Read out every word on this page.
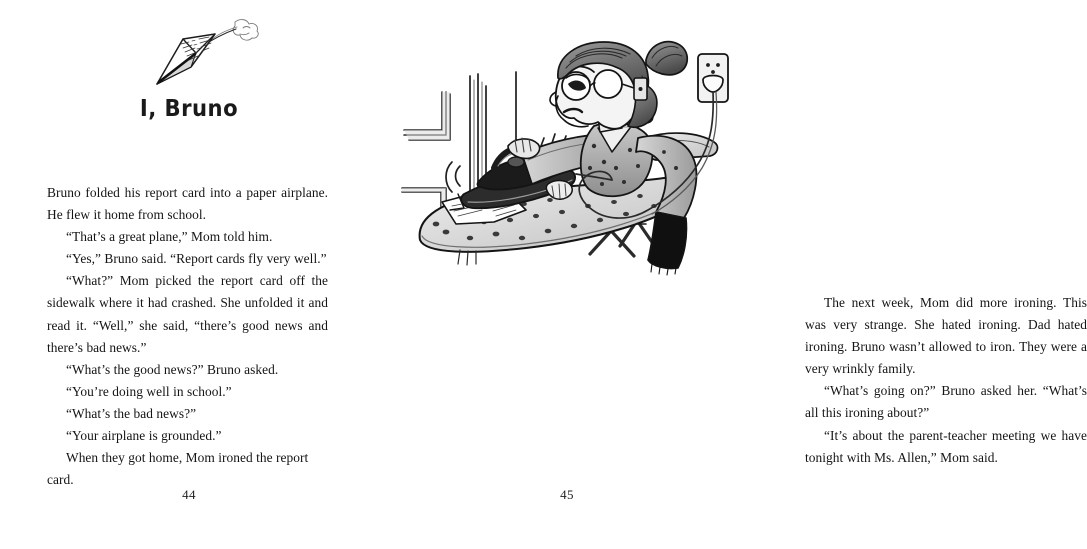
I, Bruno

Bruno folded his report card into a paper airplane. He flew it home from school.

“That’s a great plane,” Mom told him.

“Yes,” Bruno said. “Report cards fly very well.”

“What?” Mom picked the report card off the sidewalk where it had crashed. She unfolded it and read it. “Well,” she said, “there’s good news and there’s bad news.”

“What’s the good news?” Bruno asked.

“You’re doing well in school.”

“What’s the bad news?”

“Your airplane is grounded.”

When they got home, Mom ironed the report card.

44

The next week, Mom did more ironing. This was very strange. She hated ironing. Dad hated ironing. Bruno wasn’t allowed to iron. They were a very wrinkly family.

“What’s going on?” Bruno asked her. “What’s all this ironing about?”

“It’s about the parent-teacher meeting we have tonight with Ms. Allen,” Mom said.

45
